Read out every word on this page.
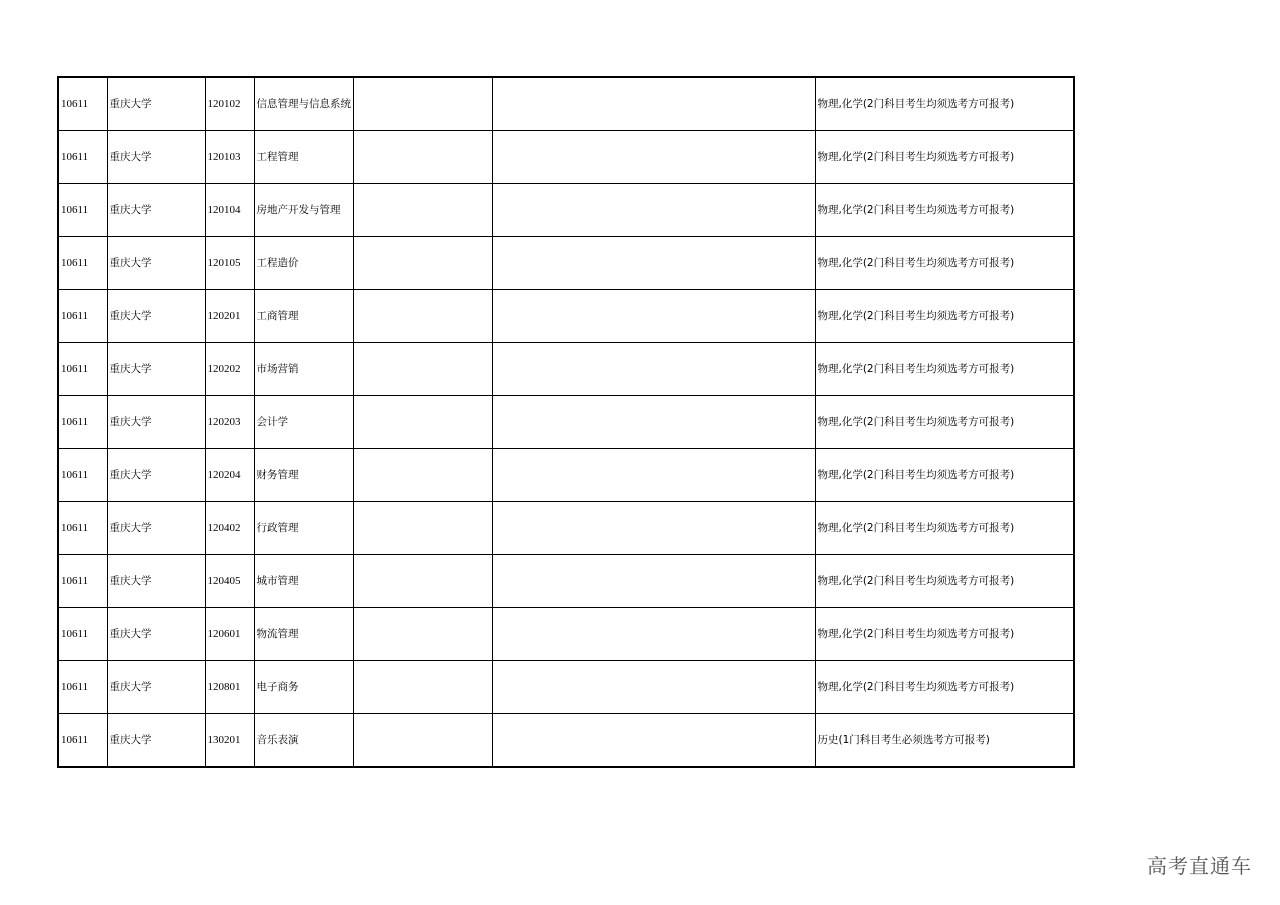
10611	重庆大学	120102	信息管理与信息系统			物理,化学(2门科目考生均须选考方可报考)
10611	重庆大学	120103	工程管理			物理,化学(2门科目考生均须选考方可报考)
10611	重庆大学	120104	房地产开发与管理			物理,化学(2门科目考生均须选考方可报考)
10611	重庆大学	120105	工程造价			物理,化学(2门科目考生均须选考方可报考)
10611	重庆大学	120201	工商管理			物理,化学(2门科目考生均须选考方可报考)
10611	重庆大学	120202	市场营销			物理,化学(2门科目考生均须选考方可报考)
10611	重庆大学	120203	会计学			物理,化学(2门科目考生均须选考方可报考)
10611	重庆大学	120204	财务管理			物理,化学(2门科目考生均须选考方可报考)
10611	重庆大学	120402	行政管理			物理,化学(2门科目考生均须选考方可报考)
10611	重庆大学	120405	城市管理			物理,化学(2门科目考生均须选考方可报考)
10611	重庆大学	120601	物流管理			物理,化学(2门科目考生均须选考方可报考)
10611	重庆大学	120801	电子商务			物理,化学(2门科目考生均须选考方可报考)
10611	重庆大学	130201	音乐表演			历史(1门科目考生必须选考方可报考)
高考直通车
